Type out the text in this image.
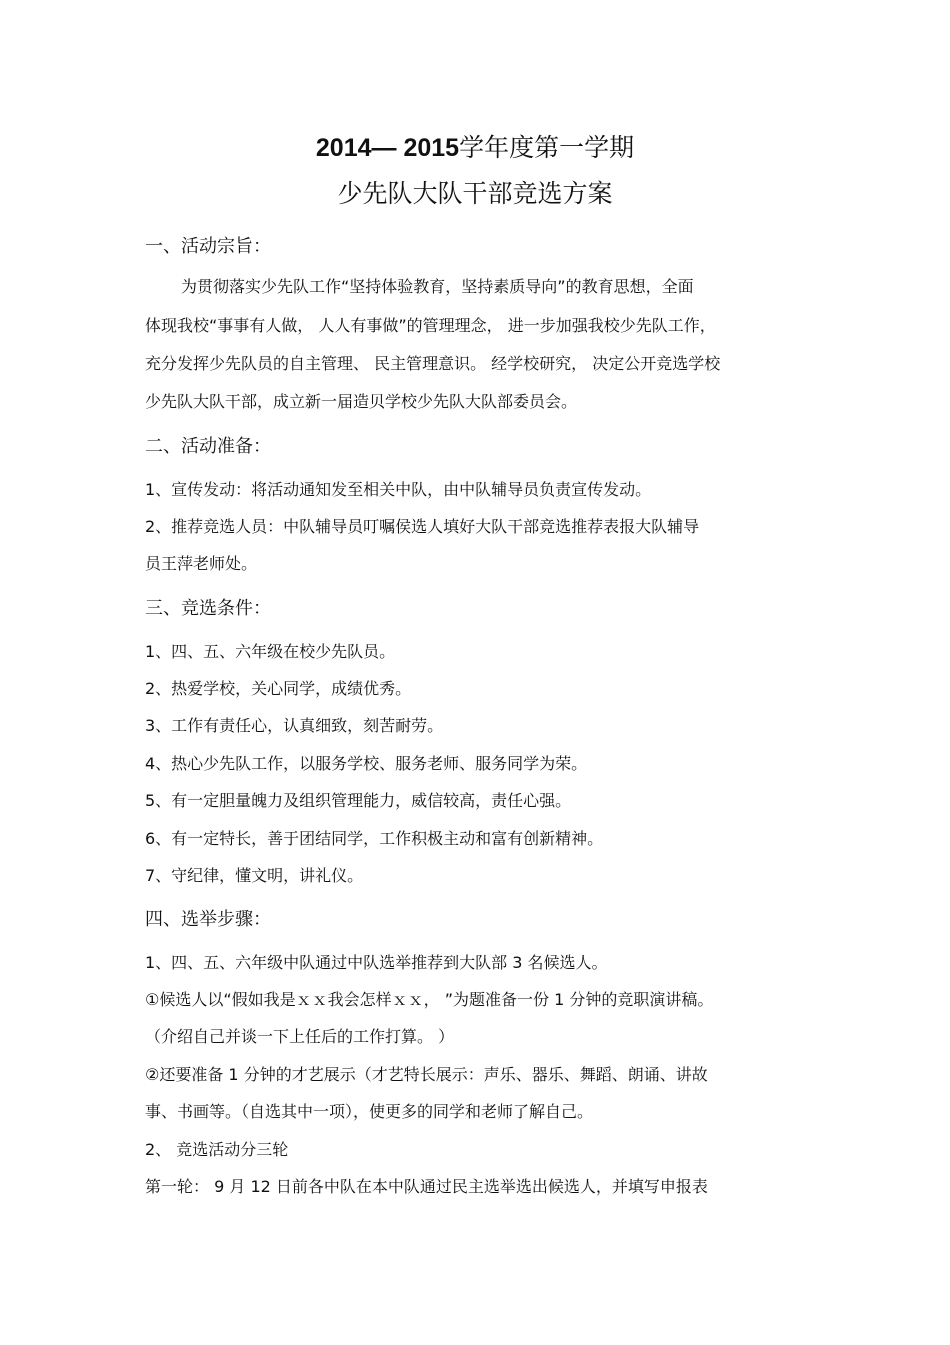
2014— 2015学年度第一学期
少先队大队干部竞选方案
一、活动宗旨：
为贯彻落实少先队工作“坚持体验教育，坚持素质导向”的教育思想，全面
体现我校“事事有人做， 人人有事做”的管理理念， 进一步加强我校少先队工作，
充分发挥少先队员的自主管理、 民主管理意识。 经学校研究， 决定公开竞选学校
少先队大队干部，成立新一届造贝学校少先队大队部委员会。
二、活动准备：
1、宣传发动：将活动通知发至相关中队，由中队辅导员负责宣传发动。
2、推荐竞选人员：中队辅导员叮嘱侯选人填好大队干部竞选推荐表报大队辅导
员王萍老师处。
三、竞选条件：
1、四、五、六年级在校少先队员。
2、热爱学校，关心同学，成绩优秀。
3、工作有责任心，认真细致，刻苦耐劳。
4、热心少先队工作，以服务学校、服务老师、服务同学为荣。
5、有一定胆量魄力及组织管理能力，威信较高，责任心强。
6、有一定特长，善于团结同学，工作积极主动和富有创新精神。
7、守纪律，懂文明，讲礼仪。
四、选举步骤：
1、四、五、六年级中队通过中队选举推荐到大队部 3 名候选人。
①候选人以“假如我是ｘｘ我会怎样ｘｘ， ”为题准备一份 1 分钟的竞职演讲稿。
（介绍自己并谈一下上任后的工作打算。 ）
②还要准备 1 分钟的才艺展示（才艺特长展示：声乐、器乐、舞蹈、朗诵、讲故
事、书画等。（自选其中一项），使更多的同学和老师了解自己。
2、 竞选活动分三轮
第一轮： 9 月 12 日前各中队在本中队通过民主选举选出候选人，并填写申报表
